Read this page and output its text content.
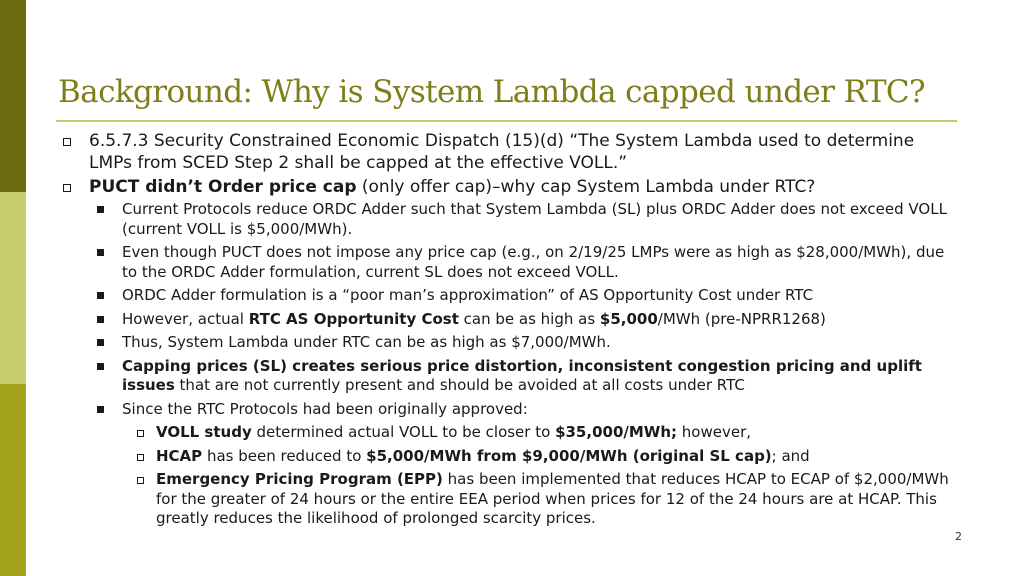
Background: Why is System Lambda capped under RTC?
6.5.7.3 Security Constrained Economic Dispatch (15)(d) “The System Lambda used to determine LMPs from SCED Step 2 shall be capped at the effective VOLL.”
PUCT didn’t Order price cap (only offer cap)–why cap System Lambda under RTC?
Current Protocols reduce ORDC Adder such that System Lambda (SL) plus ORDC Adder does not exceed VOLL (current VOLL is $5,000/MWh).
Even though PUCT does not impose any price cap (e.g., on 2/19/25 LMPs were as high as $28,000/MWh), due to the ORDC Adder formulation, current SL does not exceed VOLL.
ORDC Adder formulation is a “poor man’s approximation” of AS Opportunity Cost under RTC
However, actual RTC AS Opportunity Cost can be as high as $5,000/MWh (pre-NPRR1268)
Thus, System Lambda under RTC can be as high as $7,000/MWh.
Capping prices (SL) creates serious price distortion, inconsistent congestion pricing and uplift issues that are not currently present and should be avoided at all costs under RTC
Since the RTC Protocols had been originally approved:
VOLL study determined actual VOLL to be closer to $35,000/MWh; however,
HCAP has been reduced to $5,000/MWh from $9,000/MWh (original SL cap); and
Emergency Pricing Program (EPP) has been implemented that reduces HCAP to ECAP of $2,000/MWh for the greater of 24 hours or the entire EEA period when prices for 12 of the 24 hours are at HCAP. This greatly reduces the likelihood of prolonged scarcity prices.
2
